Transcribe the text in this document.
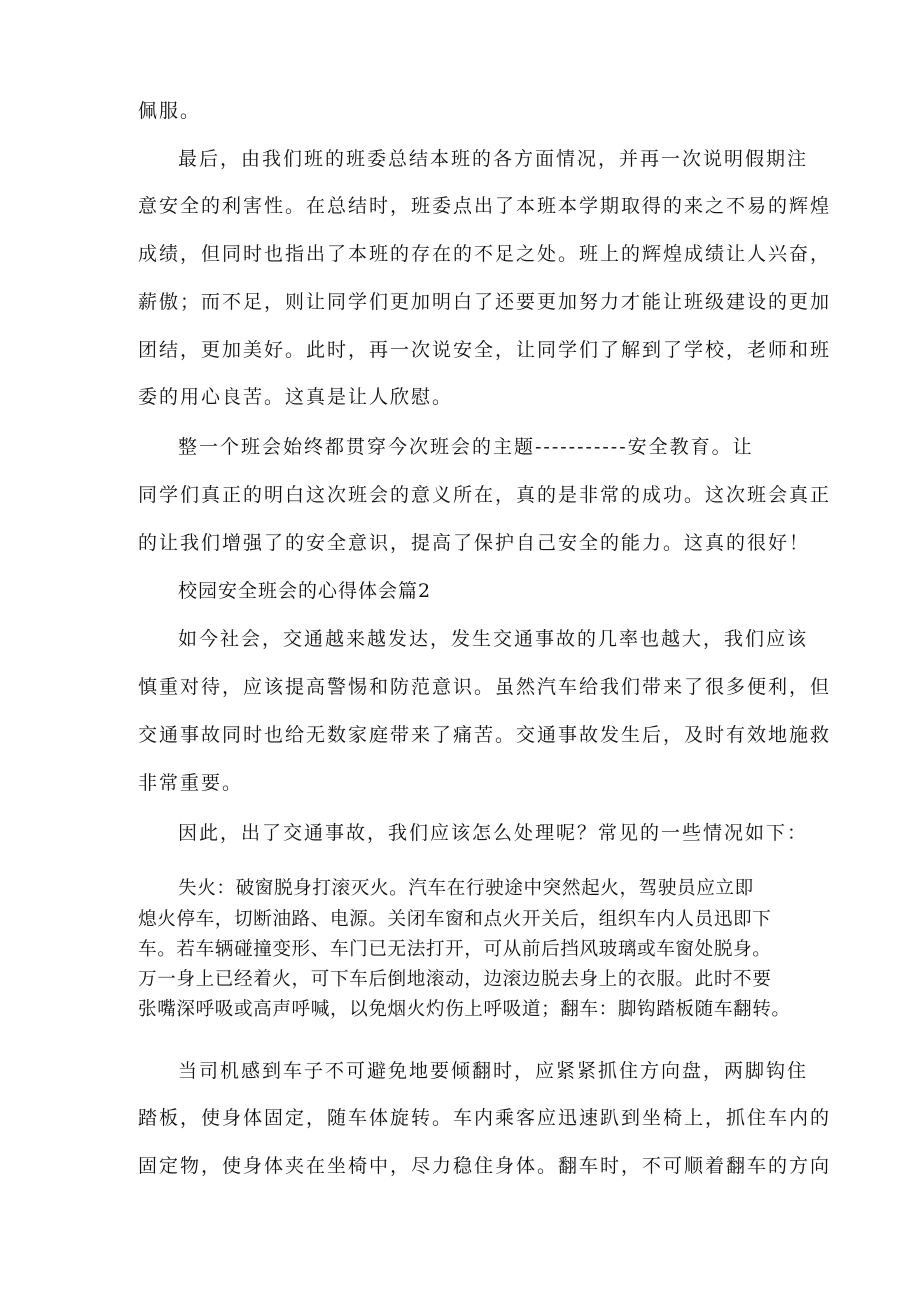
佩服。
最后，由我们班的班委总结本班的各方面情况，并再一次说明假期注
意安全的利害性。在总结时，班委点出了本班本学期取得的来之不易的辉煌
成绩，但同时也指出了本班的存在的不足之处。班上的辉煌成绩让人兴奋，
薪傲；而不足，则让同学们更加明白了还要更加努力才能让班级建设的更加
团结，更加美好。此时，再一次说安全，让同学们了解到了学校，老师和班
委的用心良苦。这真是让人欣慰。
整一个班会始终都贯穿今次班会的主题-----------安全教育。让
同学们真正的明白这次班会的意义所在，真的是非常的成功。这次班会真正
的让我们增强了的安全意识，提高了保护自己安全的能力。这真的很好！
校园安全班会的心得体会篇2
如今社会，交通越来越发达，发生交通事故的几率也越大，我们应该
慎重对待，应该提高警惕和防范意识。虽然汽车给我们带来了很多便利，但
交通事故同时也给无数家庭带来了痛苦。交通事故发生后，及时有效地施救
非常重要。
因此，出了交通事故，我们应该怎么处理呢？常见的一些情况如下：
失火：破窗脱身打滚灭火。汽车在行驶途中突然起火，驾驶员应立即
熄火停车，切断油路、电源。关闭车窗和点火开关后，组织车内人员迅即下
车。若车辆碰撞变形、车门已无法打开，可从前后挡风玻璃或车窗处脱身。
万一身上已经着火，可下车后倒地滚动，边滚边脱去身上的衣服。此时不要
张嘴深呼吸或高声呼喊，以免烟火灼伤上呼吸道；翻车：脚钩踏板随车翻转。
当司机感到车子不可避免地要倾翻时，应紧紧抓住方向盘，两脚钩住
踏板，使身体固定，随车体旋转。车内乘客应迅速趴到坐椅上，抓住车内的
固定物，使身体夹在坐椅中，尽力稳住身体。翻车时，不可顺着翻车的方向
